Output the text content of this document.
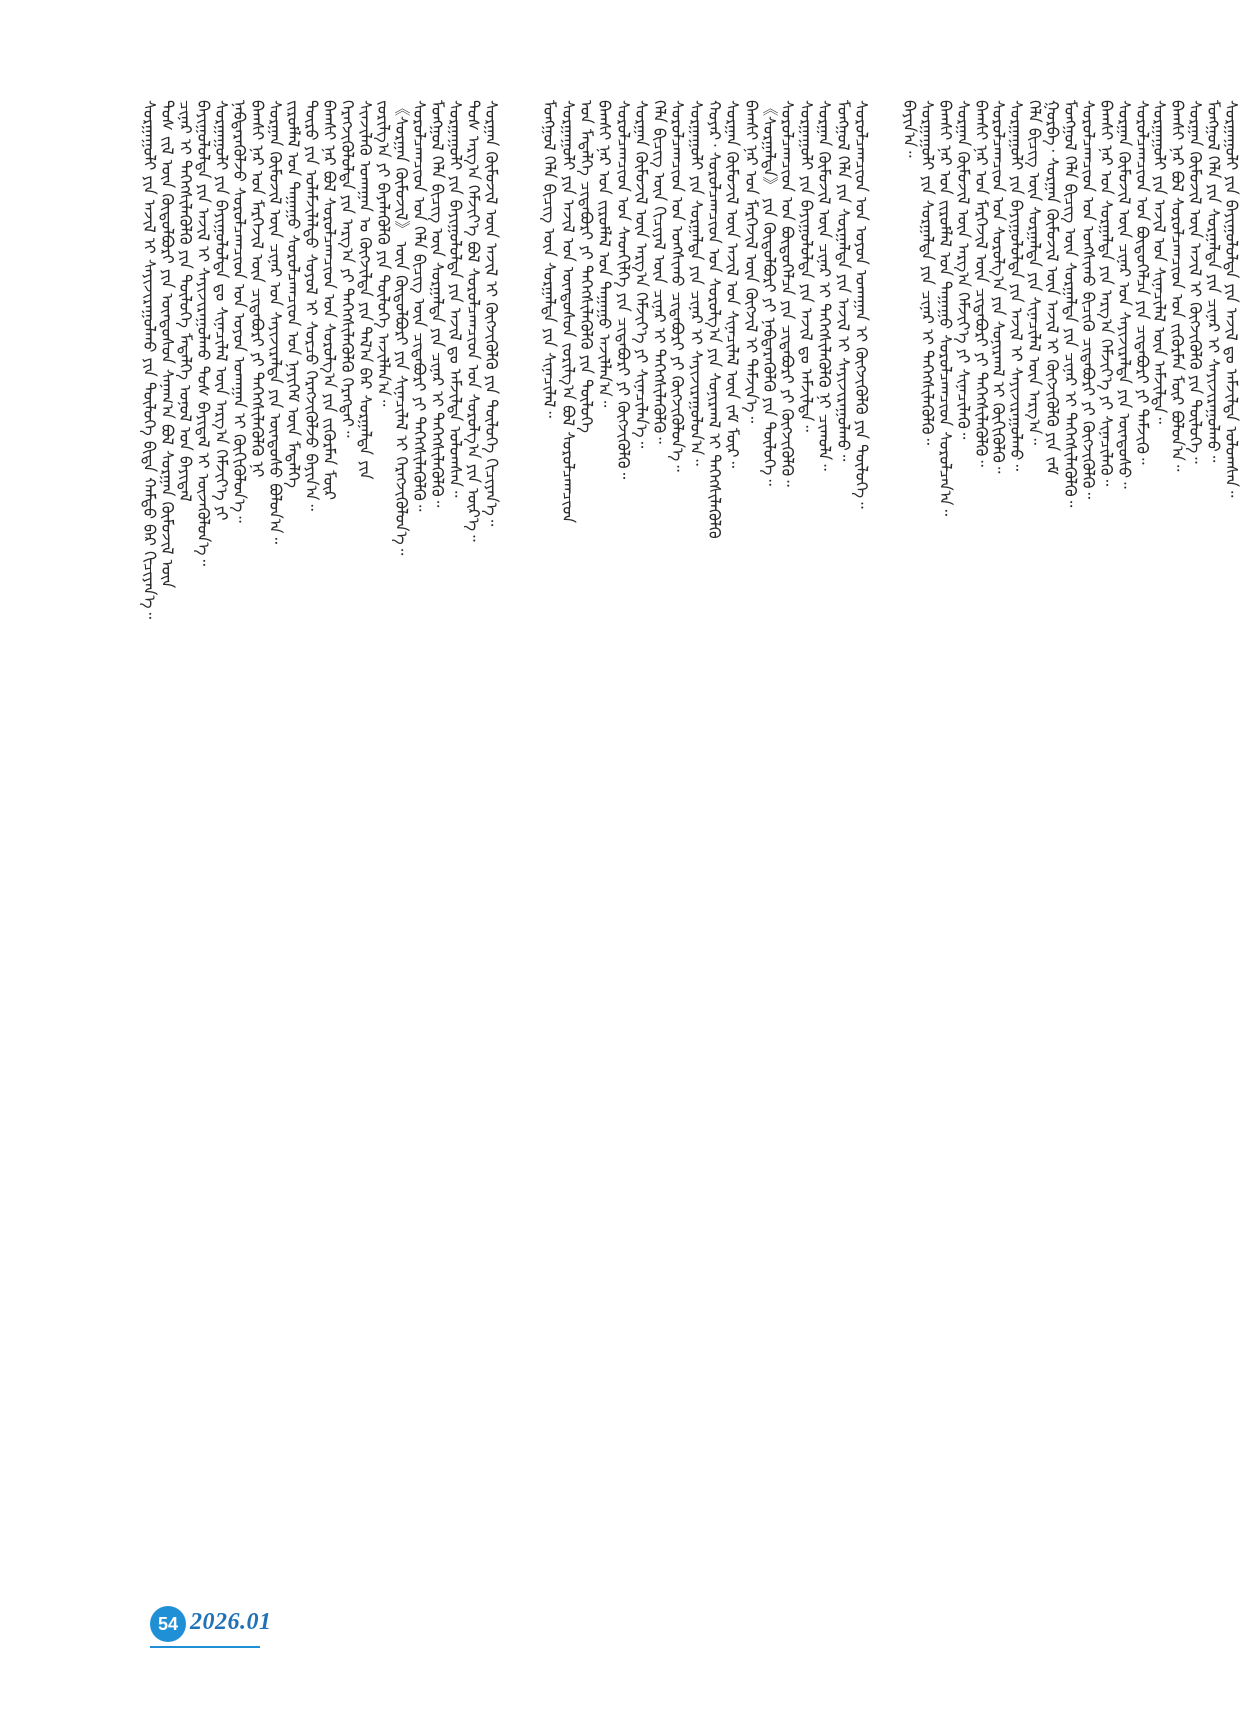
ᠰᠤᠷᠭᠠᠭᠤᠯᠢ ᠶᠢᠨ ᠠᠵᠢᠯ ᠢ ᠰᠠᠶᠢᠵᠢᠷᠠᠭᠤᠯᠬᠤ ᠶᠢᠨ ᠲᠥᠯᠥᠭᠡ ᠪᠢᠳᠡ ᠬᠠᠮᠲᠤ ᠪᠠᠷ ᠬᠢᠴᠢᠶᠡᠨ᠎ᠡ᠃ ᠲᠤᠰ ᠵᠢᠯ ᠦᠨ ᠬᠥᠲᠦᠯᠪᠦᠷᠢ ᠶᠢᠨ ᠦᠨᠳᠦᠰᠦᠨ ᠰᠠᠨᠠᠭ᠎ᠠ ᠪᠣᠯ ᠰᠤᠷᠭᠠᠨ ᠬᠦᠮᠦᠵᠢᠯ ᠦᠨ ᠴᠢᠨᠠᠷ ᠢ ᠳᠡᠭᠡᠭᠰᠢᠯᠡᠭᠦᠯᠬᠦ ᠶᠢᠨ ᠲᠥᠯᠥᠭᠡ ᠮᠡᠳᠡᠯᠭᠡ ᠣᠨᠣᠯ ᠤᠨ ᠪᠠᠶᠢᠳᠠᠯ ᠪᠠᠶᠢᠭᠤᠯᠤᠯᠲᠠ ᠶᠢᠨ ᠠᠵᠢᠯ ᠢ ᠰᠠᠶᠢᠵᠢᠷᠠᠭᠤᠯᠬᠤ ᠲᠤᠰ ᠪᠠᠶᠢᠳᠠᠯ ᠢ ᠦᠵᠡᠭᠦᠯᠦᠨ᠎ᠡ᠃ ᠰᠤᠷᠭᠠᠭᠤᠯᠢ ᠶᠢᠨ ᠪᠠᠶᠢᠭᠤᠯᠤᠯᠲᠠ ᠳᠤ ᠰᠢᠨᠡᠴᠢᠯᠡᠯ ᠦᠨ ᠠᠷᠭ᠎ᠠ ᠬᠡᠮᠵᠢᠶ᠎ᠡ ᠶᠢ ᠨᠡᠪᠲᠡᠷᠡᠭᠦᠯᠵᠦ ᠰᠤᠷᠤᠯᠴᠠᠭᠴᠢᠳ ᠤᠨ ᠣᠶᠤᠨ ᠤᠬᠠᠭᠠᠨ ᠢ ᠬᠥᠬᠢᠭᠦᠯᠦᠨ᠎ᠡ᠃ ᠪᠠᠭᠰᠢ ᠨᠠᠷ ᠤᠨ ᠮᠡᠷᠭᠡᠵᠢᠯ ᠦᠨ ᠴᠢᠳᠠᠪᠤᠷᠢ ᠶᠢ ᠳᠡᠭᠡᠭᠰᠢᠯᠡᠭᠦᠯᠬᠦ ᠨᠢ ᠰᠤᠷᠭᠠᠨ ᠬᠦᠮᠦᠵᠢᠯ ᠦᠨ ᠴᠢᠨᠠᠷ ᠤᠨ ᠰᠠᠶᠢᠵᠢᠷᠠᠯᠲᠠ ᠶᠢᠨ ᠦᠨᠳᠦᠰᠦ ᠪᠣᠯᠤᠨ᠎ᠠ᠃ ᠵᠢᠷᠤᠮᠯᠠᠯ ᠤᠨ ᠳᠠᠭᠠᠭᠤ ᠰᠤᠷᠤᠯᠴᠠᠭᠴᠢᠳ ᠤᠨ ᠨᠡᠶᠢᠭᠡᠮ ᠦᠨ ᠮᠡᠳᠡᠯᠭᠡ ᠲᠦᠷᠦ ᠶᠢᠨ ᠤᠯᠠᠮᠵᠢᠯᠠᠯᠲᠤ ᠰᠣᠶᠤᠯ ᠢ ᠰᠤᠷᠴᠤ ᠬᠡᠷᠡᠭᠵᠢᠭᠦᠯᠵᠦ ᠪᠠᠶᠢᠨ᠎ᠠ᠃ ᠪᠠᠭᠰᠢ ᠨᠠᠷ ᠪᠣᠯ ᠰᠤᠷᠤᠯᠴᠠᠭᠴᠢᠳ ᠤᠨ ᠰᠤᠷᠤᠯᠭ᠎ᠠ ᠶᠢᠨ ᠵᠢᠭᠦᠷᠮᠡᠨ ᠮᠥᠷ ᠬᠡᠷᠡᠭᠵᠢᠭᠦᠯᠦᠯᠲᠡ ᠶᠢᠨ ᠠᠷᠭ᠎ᠠ ᠶᠢ ᠳᠡᠭᠡᠭᠰᠢᠯᠡᠭᠦᠯᠬᠦ ᠬᠡᠷᠡᠭᠲᠡᠶ᠃ ᠰᠢᠨᠵᠢᠯᠡᠬᠦ ᠤᠬᠠᠭᠠᠨ ᠤ ᠬᠦᠭᠵᠢᠯᠲᠡ ᠶᠢᠨ ᠲᠠᠯ᠎ᠠ ᠪᠠᠷ ᠰᠤᠷᠭᠠᠯᠲᠠ ᠶᠢᠨ ᠵᠣᠷᠢᠯᠭ᠎ᠠ ᠶᠢ ᠪᠡᠶᠡᠯᠡᠭᠦᠯᠬᠦ ᠶᠢᠨ ᠲᠥᠯᠥᠭᠡ ᠠᠵᠢᠯᠯᠠᠨ᠎ᠠ᠃ 《ᠰᠤᠷᠭᠠᠨ ᠬᠦᠮᠦᠵᠢᠯ》 ᠦᠨ ᠬᠥᠲᠦᠯᠪᠦᠷᠢ ᠶᠢᠨ ᠰᠢᠨᠡᠴᠢᠯᠡᠯ ᠢ ᠬᠡᠷᠡᠭᠵᠢᠭᠦᠯᠦᠨ᠎ᠡ᠃ ᠰᠤᠷᠤᠯᠴᠠᠭᠴᠢᠳ ᠤᠨ ᠬᠡᠯᠡ ᠪᠢᠴᠢᠭ ᠦᠨ ᠴᠢᠳᠠᠪᠤᠷᠢ ᠶᠢ ᠳᠡᠭᠡᠭᠰᠢᠯᠡᠭᠦᠯᠬᠦ᠃ ᠮᠣᠩᠭᠣᠯ ᠬᠡᠯᠡ ᠪᠢᠴᠢᠭ ᠦᠨ ᠰᠤᠷᠭᠠᠯᠲᠠ ᠶᠢᠨ ᠴᠢᠨᠠᠷ ᠢ ᠳᠡᠭᠡᠭᠰᠢᠯᠡᠭᠦᠯᠬᠦ᠃ ᠰᠤᠷᠭᠠᠭᠤᠯᠢ ᠶᠢᠨ ᠪᠠᠶᠢᠭᠤᠯᠤᠯᠲᠠ ᠶᠢᠨ ᠠᠵᠢᠯ ᠳᠤ ᠠᠮᠵᠢᠯᠲᠠ ᠣᠯᠤᠭᠰᠠᠨ᠃ ᠲᠤᠰ ᠠᠷᠭ᠎ᠠ ᠬᠡᠮᠵᠢᠶ᠎ᠡ ᠪᠣᠯ ᠰᠤᠷᠤᠯᠴᠠᠭᠴᠢᠳ ᠤᠨ ᠰᠤᠷᠤᠯᠭ᠎ᠠ ᠶᠢᠨ ᠦᠷ᠎ᠡ᠃ ᠰᠤᠷᠭᠠᠨ ᠬᠦᠮᠦᠵᠢᠯ ᠦᠨ ᠠᠵᠢᠯ ᠢ ᠬᠥᠭᠵᠢᠭᠦᠯᠬᠦ ᠶᠢᠨ ᠲᠥᠯᠥᠭᠡ ᠬᠢᠴᠢᠶᠡᠨ᠎ᠡ᠃ ᠮᠣᠩᠭᠣᠯ ᠬᠡᠯᠡ ᠪᠢᠴᠢᠭ ᠦᠨ ᠰᠤᠷᠭᠠᠯᠲᠠ ᠶᠢᠨ ᠰᠢᠨᠡᠴᠢᠯᠡᠯ᠃ ᠰᠤᠷᠭᠠᠭᠤᠯᠢ ᠶᠢᠨ ᠠᠵᠢᠯ ᠤᠨ ᠦᠨᠳᠦᠰᠦᠨ ᠵᠣᠷᠢᠯᠭ᠎ᠠ ᠪᠣᠯ ᠰᠤᠷᠤᠯᠴᠠᠭᠴᠢᠳ ᠤᠨ ᠮᠡᠳᠡᠯᠭᠡ ᠴᠢᠳᠠᠪᠤᠷᠢ ᠶᠢ ᠳᠡᠭᠡᠭᠰᠢᠯᠡᠭᠦᠯᠬᠦ ᠶᠢᠨ ᠲᠥᠯᠥᠭᠡ ᠪᠠᠭᠰᠢ ᠨᠠᠷ ᠤᠨ ᠵᠢᠷᠤᠮᠯᠠᠯ ᠤᠨ ᠳᠠᠭᠠᠭᠤ ᠠᠵᠢᠯᠯᠠᠨ᠎ᠠ᠃ ᠰᠤᠷᠤᠯᠴᠠᠭᠴᠢᠳ ᠤᠨ ᠰᠡᠳᠬᠢᠯᠭᠡ ᠶᠢᠨ ᠴᠢᠳᠠᠪᠤᠷᠢ ᠶᠢ ᠬᠥᠭᠵᠢᠭᠦᠯᠬᠦ᠃ ᠰᠤᠷᠭᠠᠨ ᠬᠦᠮᠦᠵᠢᠯ ᠦᠨ ᠠᠷᠭ᠎ᠠ ᠬᠡᠮᠵᠢᠶ᠎ᠡ ᠶᠢ ᠰᠢᠨᠡᠴᠢᠯᠡᠨ᠎ᠡ᠃ ᠬᠡᠯᠡ ᠪᠢᠴᠢᠭ ᠦᠨ ᠬᠢᠴᠢᠶᠡᠯ ᠦᠨ ᠴᠢᠨᠠᠷ ᠢ ᠳᠡᠭᠡᠭᠰᠢᠯᠡᠭᠦᠯᠬᠦ᠃ ᠰᠤᠷᠤᠯᠴᠠᠭᠴᠢᠳ ᠤᠨ ᠤᠩᠰᠢᠬᠤ ᠴᠢᠳᠠᠪᠤᠷᠢ ᠶᠢ ᠬᠥᠭᠵᠢᠭᠦᠯᠦᠨ᠎ᠡ᠃ ᠰᠤᠷᠭᠠᠭᠤᠯᠢ ᠶᠢᠨ ᠰᠤᠷᠭᠠᠯᠲᠠ ᠶᠢᠨ ᠴᠢᠨᠠᠷ ᠢ ᠰᠠᠶᠢᠵᠢᠷᠠᠭᠤᠯᠤᠨ᠎ᠠ᠃ ᠬᠣᠶᠠᠷ᠂ ᠰᠤᠷᠤᠯᠴᠠᠭᠴᠢᠳ ᠤᠨ ᠰᠤᠷᠤᠯᠭ᠎ᠠ ᠶᠢᠨ ᠰᠣᠨᠢᠷᠬᠠᠯ ᠢ ᠳᠡᠭᠡᠭᠰᠢᠯᠡᠭᠦᠯᠬᠦ ᠰᠤᠷᠭᠠᠨ ᠬᠦᠮᠦᠵᠢᠯ ᠦᠨ ᠠᠵᠢᠯ ᠤᠨ ᠰᠢᠨᠡᠴᠢᠯᠡᠯ ᠦᠨ ᠵᠠᠮ ᠮᠥᠷ᠃ ᠪᠠᠭᠰᠢ ᠨᠠᠷ ᠤᠨ ᠮᠡᠷᠭᠡᠵᠢᠯ ᠦᠨ ᠬᠥᠭᠵᠢᠯ ᠢ ᠳᠡᠮᠵᠢᠨ᠎ᠡ᠃ 《ᠰᠤᠷᠭᠠᠯᠲᠠ》 ᠶᠢᠨ ᠬᠥᠲᠦᠯᠪᠦᠷᠢ ᠶᠢ ᠨᠡᠪᠲᠡᠷᠡᠭᠦᠯᠬᠦ ᠶᠢᠨ ᠲᠥᠯᠥᠭᠡ᠃ ᠰᠤᠷᠤᠯᠴᠠᠭᠴᠢᠳ ᠤᠨ ᠪᠦᠲᠦᠭᠡᠯᠴᠡ ᠶᠢᠨ ᠴᠢᠳᠠᠪᠤᠷᠢ ᠶᠢ ᠬᠥᠭᠵᠢᠭᠦᠯᠬᠦ᠃ ᠰᠤᠷᠭᠠᠭᠤᠯᠢ ᠶᠢᠨ ᠪᠠᠶᠢᠭᠤᠯᠤᠯᠲᠠ ᠶᠢᠨ ᠠᠵᠢᠯ ᠳᠤ ᠠᠮᠵᠢᠯᠲᠠ᠃ ᠰᠤᠷᠭᠠᠨ ᠬᠦᠮᠦᠵᠢᠯ ᠦᠨ ᠴᠢᠨᠠᠷ ᠢ ᠳᠡᠭᠡᠭᠰᠢᠯᠡᠭᠦᠯᠬᠦ ᠨᠢ ᠴᠢᠬᠤᠯᠠ᠃ ᠮᠣᠩᠭᠣᠯ ᠬᠡᠯᠡ ᠶᠢᠨ ᠰᠤᠷᠭᠠᠯᠲᠠ ᠶᠢᠨ ᠠᠵᠢᠯ ᠢ ᠰᠠᠶᠢᠵᠢᠷᠠᠭᠤᠯᠬᠤ᠃ ᠰᠤᠷᠤᠯᠴᠠᠭᠴᠢᠳ ᠤᠨ ᠣᠶᠤᠨ ᠤᠬᠠᠭᠠᠨ ᠢ ᠬᠥᠭᠵᠢᠭᠦᠯᠬᠦ ᠶᠢᠨ ᠲᠥᠯᠥᠭᠡ᠃ ᠪᠠᠶᠢᠨ᠎ᠠ᠃ ᠰᠤᠷᠭᠠᠭᠤᠯᠢ ᠶᠢᠨ ᠰᠤᠷᠭᠠᠯᠲᠠ ᠶᠢᠨ ᠴᠢᠨᠠᠷ ᠢ ᠳᠡᠭᠡᠭᠰᠢᠯᠡᠭᠦᠯᠬᠦ᠃ ᠪᠠᠭᠰᠢ ᠨᠠᠷ ᠤᠨ ᠵᠢᠷᠤᠮᠯᠠᠯ ᠤᠨ ᠳᠠᠭᠠᠭᠤ ᠰᠤᠷᠤᠯᠴᠠᠭᠴᠢᠳ ᠰᠤᠷᠤᠯᠴᠠᠨ᠎ᠠ᠃ ᠰᠤᠷᠭᠠᠨ ᠬᠦᠮᠦᠵᠢᠯ ᠦᠨ ᠠᠷᠭ᠎ᠠ ᠬᠡᠮᠵᠢᠶ᠎ᠡ ᠶᠢ ᠰᠢᠨᠡᠴᠢᠯᠡᠬᠦ᠃ ᠪᠠᠭᠰᠢ ᠨᠠᠷ ᠤᠨ ᠮᠡᠷᠭᠡᠵᠢᠯ ᠦᠨ ᠴᠢᠳᠠᠪᠤᠷᠢ ᠶᠢ ᠳᠡᠭᠡᠭᠰᠢᠯᠡᠭᠦᠯᠬᠦ᠃
ᠰᠤᠷᠤᠯᠴᠠᠭᠴᠢᠳ ᠤᠨ ᠰᠤᠷᠤᠯᠭ᠎ᠠ ᠶᠢᠨ ᠰᠣᠨᠢᠷᠬᠠᠯ ᠢ ᠬᠥᠬᠢᠭᠦᠯᠬᠦ᠃ ᠰᠤᠷᠭᠠᠭᠤᠯᠢ ᠶᠢᠨ ᠪᠠᠶᠢᠭᠤᠯᠤᠯᠲᠠ ᠶᠢᠨ ᠠᠵᠢᠯ ᠢ ᠰᠠᠶᠢᠵᠢᠷᠠᠭᠤᠯᠬᠤ᠃ ᠬᠡᠯᠡ ᠪᠢᠴᠢᠭ ᠦᠨ ᠰᠤᠷᠭᠠᠯᠲᠠ ᠶᠢᠨ ᠰᠢᠨᠡᠴᠢᠯᠡᠯ ᠦᠨ ᠠᠷᠭ᠎ᠠ᠃ ᠭᠤᠷᠪᠠ᠂ ᠰᠤᠷᠭᠠᠨ ᠬᠦᠮᠦᠵᠢᠯ ᠦᠨ ᠠᠵᠢᠯ ᠢ ᠬᠥᠭᠵᠢᠭᠦᠯᠬᠦ ᠶᠢᠨ ᠵᠠᠮ ᠮᠣᠩᠭᠣᠯ ᠬᠡᠯᠡ ᠪᠢᠴᠢᠭ ᠦᠨ ᠰᠤᠷᠭᠠᠯᠲᠠ ᠶᠢᠨ ᠴᠢᠨᠠᠷ ᠢ ᠳᠡᠭᠡᠭᠰᠢᠯᠡᠭᠦᠯᠬᠦ᠃ ᠰᠤᠷᠤᠯᠴᠠᠭᠴᠢᠳ ᠤᠨ ᠤᠩᠰᠢᠬᠤ ᠪᠢᠴᠢᠬᠦ ᠴᠢᠳᠠᠪᠤᠷᠢ ᠶᠢ ᠬᠥᠭᠵᠢᠭᠦᠯᠬᠦ᠃ ᠪᠠᠭᠰᠢ ᠨᠠᠷ ᠤᠨ ᠰᠤᠷᠭᠠᠯᠲᠠ ᠶᠢᠨ ᠠᠷᠭ᠎ᠠ ᠬᠡᠮᠵᠢᠶ᠎ᠡ ᠶᠢ ᠰᠢᠨᠡᠴᠢᠯᠡᠬᠦ᠃ ᠰᠤᠷᠭᠠᠨ ᠬᠦᠮᠦᠵᠢᠯ ᠦᠨ ᠴᠢᠨᠠᠷ ᠤᠨ ᠰᠠᠶᠢᠵᠢᠷᠠᠯᠲᠠ ᠶᠢᠨ ᠦᠨᠳᠦᠰᠦ᠃ ᠰᠤᠷᠤᠯᠴᠠᠭᠴᠢᠳ ᠤᠨ ᠪᠦᠲᠦᠭᠡᠯᠴᠡ ᠶᠢᠨ ᠴᠢᠳᠠᠪᠤᠷᠢ ᠶᠢ ᠳᠡᠮᠵᠢᠬᠦ᠃
ᠰᠤᠷᠭᠠᠭᠤᠯᠢ ᠶᠢᠨ ᠠᠵᠢᠯ ᠤᠨ ᠰᠢᠨᠡᠴᠢᠯᠡᠯ ᠦᠨ ᠠᠮᠵᠢᠯᠲᠠ᠃ ᠪᠠᠭᠰᠢ ᠨᠠᠷ ᠪᠣᠯ ᠰᠤᠷᠤᠯᠴᠠᠭᠴᠢᠳ ᠤᠨ ᠵᠢᠭᠦᠷᠮᠡᠨ ᠮᠥᠷ ᠪᠣᠯᠤᠨ᠎ᠠ᠃ ᠰᠤᠷᠭᠠᠨ ᠬᠦᠮᠦᠵᠢᠯ ᠦᠨ ᠠᠵᠢᠯ ᠢ ᠬᠥᠭᠵᠢᠭᠦᠯᠬᠦ ᠶᠢᠨ ᠲᠥᠯᠥᠭᠡ᠃ ᠮᠣᠩᠭᠣᠯ ᠬᠡᠯᠡ ᠶᠢᠨ ᠰᠤᠷᠭᠠᠯᠲᠠ ᠶᠢᠨ ᠴᠢᠨᠠᠷ ᠢ ᠰᠠᠶᠢᠵᠢᠷᠠᠭᠤᠯᠬᠤ᠃ ᠰᠤᠷᠭᠠᠭᠤᠯᠢ ᠶᠢᠨ ᠪᠠᠶᠢᠭᠤᠯᠤᠯᠲᠠ ᠶᠢᠨ ᠠᠵᠢᠯ ᠳᠤ ᠠᠮᠵᠢᠯᠲᠠ ᠣᠯᠤᠭᠰᠠᠨ᠃
54 2026.01
